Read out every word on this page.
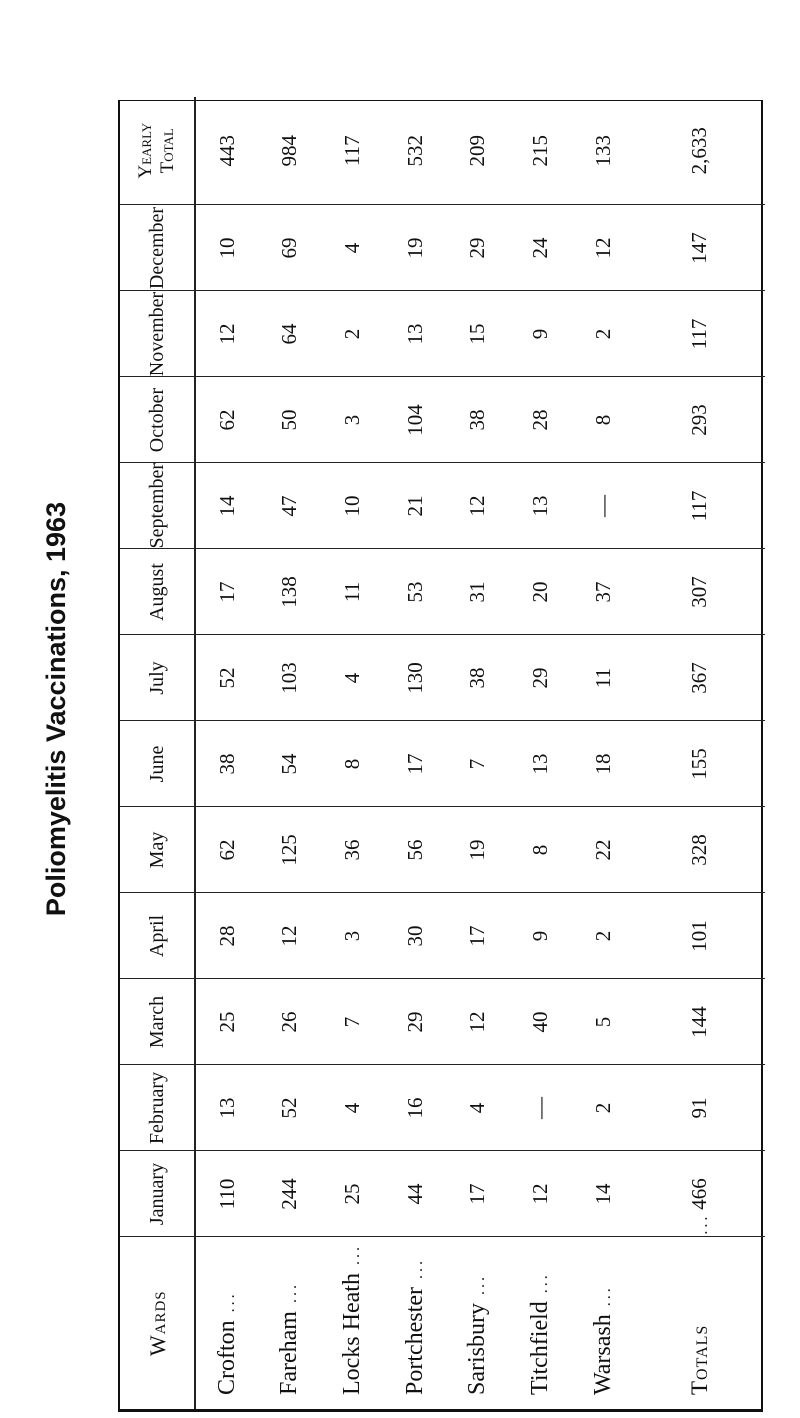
Poliomyelitis Vaccinations, 1963
Wards	January	February	March	April	May	June	July	August	September	October	November	December	Yearly
Total
Crofton...	110	13	25	28	62	38	52	17	14	62	12	10	443
Fareham...	244	52	26	12	125	54	103	138	47	50	64	69	984
Locks Heath...	25	4	7	3	36	8	4	11	10	3	2	4	117
Portchester...	44	16	29	30	56	17	130	53	21	104	13	19	532
Sarisbury...	17	4	12	17	19	7	38	31	12	38	15	29	209
Titchfield...	12	—	40	9	8	13	29	20	13	28	9	24	215
Warsash...	14	2	5	2	22	18	11	37	—	8	2	12	133
Totals...	466	91	144	101	328	155	367	307	117	293	117	147	2,633
